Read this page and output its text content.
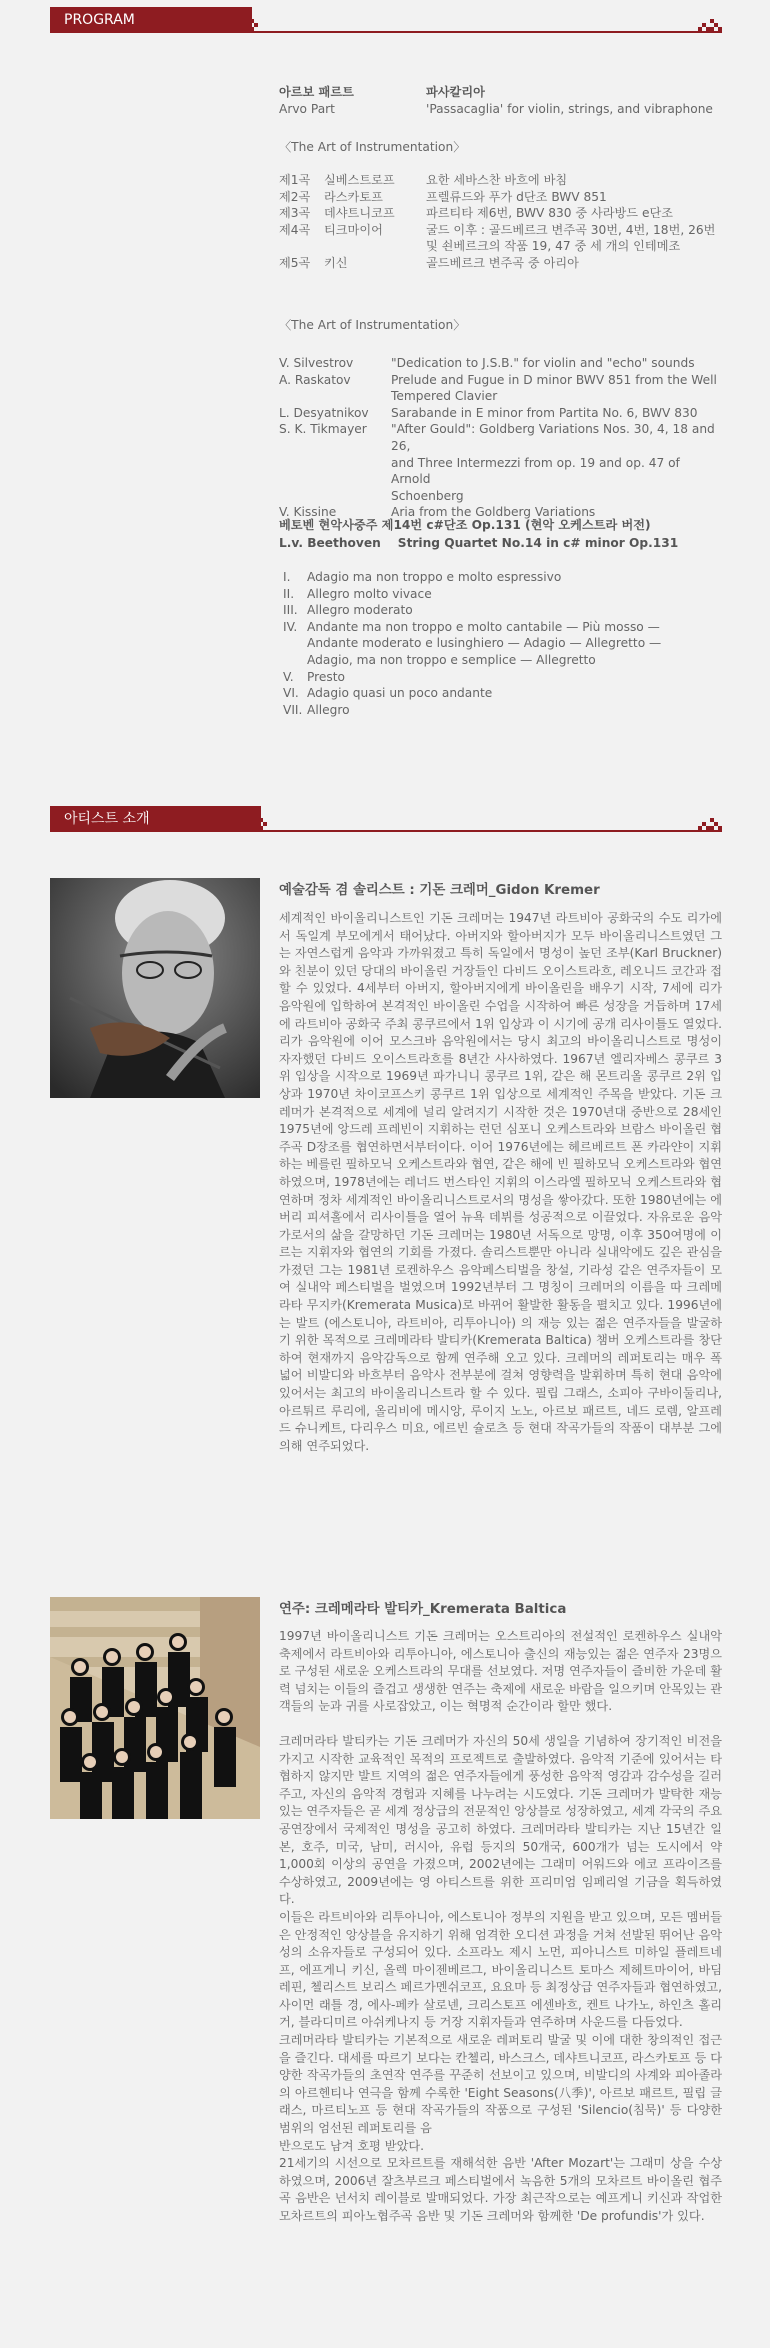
PROGRAM
아르보 패르트	파사칼리아
Arvo Part	'Passacaglia' for violin, strings, and vibraphone
〈The Art of Instrumentation〉
제1곡	실베스트로프	요한 세바스찬 바흐에 바침
제2곡	라스카토프	프렐류드와 푸가 d단조 BWV 851
제3곡	데샤트니코프	파르티타 제6번, BWV 830 중 사라방드 e단조
제4곡	티크마이어	굴드 이후 : 골드베르크 변주곡 30번, 4번, 18번, 26번
및 쇤베르크의 작품 19, 47 중 세 개의 인테메조
제5곡	키신	골드베르크 변주곡 중 아리아
〈The Art of Instrumentation〉
V. Silvestrov	"Dedication to J.S.B." for violin and "echo" sounds
A. Raskatov	Prelude and Fugue in D minor BWV 851 from the Well
Tempered Clavier
L. Desyatnikov	Sarabande in E minor from Partita No. 6, BWV 830
S. K. Tikmayer	"After Gould": Goldberg Variations Nos. 30, 4, 18 and 26,
and Three Intermezzi from op. 19 and op. 47 of Arnold
Schoenberg
V. Kissine	Aria from the Goldberg Variations
베토벤 현악사중주 제14번 c#단조 Op.131 (현악 오케스트라 버전)
L.v. Beethoven String Quartet No.14 in c# minor Op.131
I.	Adagio ma non troppo e molto espressivo
II.	Allegro molto vivace
III. Allegro moderato
IV. Andante ma non troppo e molto cantabile — Più mosso —
Andante moderato e lusinghiero — Adagio — Allegretto —
Adagio, ma non troppo e semplice — Allegretto
V.	Presto
VI. Adagio quasi un poco andante
VII. Allegro
아티스트 소개
예술감독 겸 솔리스트 : 기돈 크레머_Gidon Kremer

세계적인 바이올리니스트인 기돈 크레머는 1947년 라트비아 공화국의 수도 리가에서 독일계 부모에게서 태어났다. 아버지와 할아버지가 모두 바이올리니스트였던 그는 자연스럽게 음악과 가까워졌고 특히 독일에서 명성이 높던 조부(Karl Bruckner)와 친분이 있던 당대의 바이올린 거장들인 다비드 오이스트라흐, 레오니드 코간과 접할 수 있었다. 4세부터 아버지, 할아버지에게 바이올린을 배우기 시작, 7세에 리가 음악원에 입학하여 본격적인 바이올린 수업을 시작하여 빠른 성장을 거듭하며 17세에 라트비아 공화국 주최 콩쿠르에서 1위 입상과 이 시기에 공개 리사이틀도 열었다. 리가 음악원에 이어 모스크바 음악원에서는 당시 최고의 바이올리니스트로 명성이 자자했던 다비드 오이스트라흐를 8년간 사사하였다. 1967년 엘리자베스 콩쿠르 3위 입상을 시작으로 1969년 파가니니 콩쿠르 1위, 같은 해 몬트리올 콩쿠르 2위 입상과 1970년 차이코프스키 콩쿠르 1위 입상으로 세계적인 주목을 받았다. 기돈 크레머가 본격적으로 세계에 널리 알려지기 시작한 것은 1970년대 중반으로 28세인 1975년에 앙드레 프레빈이 지휘하는 런던 심포니 오케스트라와 브람스 바이올린 협주곡 D장조를 협연하면서부터이다. 이어 1976년에는 헤르베르트 폰 카라얀이 지휘하는 베를린 필하모닉 오케스트라와 협연, 같은 해에 빈 필하모닉 오케스트라와 협연하였으며, 1978년에는 레너드 번스타인 지휘의 이스라엘 필하모닉 오케스트라와 협연하며 정차 세계적인 바이올리니스트로서의 명성을 쌓아갔다. 또한 1980년에는 에버리 피셔홀에서 리사이틀을 열어 뉴욕 데뷔를 성공적으로 이끌었다. 자유로운 음악가로서의 삶을 갈망하던 기돈 크레머는 1980년 서독으로 망명, 이후 350여명에 이르는 지휘자와 협연의 기회를 가졌다. 솔리스트뿐만 아니라 실내악에도 깊은 관심을 가졌던 그는 1981년 로켄하우스 음악페스티벌을 창설, 기라성 같은 연주자들이 모여 실내악 페스티벌을 벌였으며 1992년부터 그 명칭이 크레머의 이름을 따 크레메라타 무지카(Kremerata Musica)로 바뀌어 활발한 활동을 펼치고 있다. 1996년에는 발트 (에스토니아, 라트비아, 리투아니아) 의 재능 있는 젊은 연주자들을 발굴하기 위한 목적으로 크레메라타 발티카(Kremerata Baltica) 챔버 오케스트라를 창단하여 현재까지 음악감독으로 함께 연주해 오고 있다. 크레머의 레퍼토리는 매우 폭 넓어 비발디와 바흐부터 음악사 전부분에 걸쳐 영향력을 발휘하며 특히 현대 음악에 있어서는 최고의 바이올리니스트라 할 수 있다. 필립 그래스, 소피아 구바이둘리나, 아르튀르 루리에, 올리비에 메시앙, 루이지 노노, 아르보 패르트, 네드 로렘, 알프레드 슈니케트, 다리우스 미요, 에르빈 슐로츠 등 현대 작곡가들의 작품이 대부분 그에 의해 연주되었다.

연주: 크레메라타 발티카_Kremerata Baltica

1997년 바이올리니스트 기돈 크레머는 오스트리아의 전설적인 로켄하우스 실내악 축제에서 라트비아와 리투아니아, 에스토니아 출신의 재능있는 젊은 연주자 23명으로 구성된 새로운 오케스트라의 무대를 선보였다. 저명 연주자들이 즐비한 가운데 활력 넘치는 이들의 즐겁고 생생한 연주는 축제에 새로운 바람을 일으키며 안목있는 관객들의 눈과 귀를 사로잡았고, 이는 혁명적 순간이라 할만 했다.

크레머라타 발티카는 기돈 크레머가 자신의 50세 생일을 기념하여 장기적인 비전을 가지고 시작한 교육적인 목적의 프로젝트로 출발하였다. 음악적 기준에 있어서는 타협하지 않지만 발트 지역의 젊은 연주자들에게 풍성한 음악적 영감과 감수성을 길러주고, 자신의 음악적 경험과 지혜를 나누려는 시도였다. 기돈 크레머가 발탁한 재능있는 연주자들은 곧 세계 정상급의 전문적인 앙상블로 성장하였고, 세계 각국의 주요 공연장에서 국제적인 명성을 공고히 하였다. 크레머라타 발티카는 지난 15년간 일본, 호주, 미국, 남미, 러시아, 유럽 등지의 50개국, 600개가 넘는 도시에서 약 1,000회 이상의 공연을 가졌으며, 2002년에는 그래미 어워드와 에코 프라이즈를 수상하였고, 2009년에는 영 아티스트를 위한 프리미엄 임페리얼 기금을 획득하였다.

이들은 라트비아와 리투아니아, 에스토니아 정부의 지원을 받고 있으며, 모든 멤버들은 안정적인 앙상블을 유지하기 위해 엄격한 오디션 과정을 거쳐 선발된 뛰어난 음악성의 소유자들로 구성되어 있다. 소프라노 제시 노먼, 피아니스트 미하일 플레트네프, 에프게니 키신, 올렉 마이젠베르그, 바이올리니스트 토마스 제헤트마이어, 바딤 레핀, 첼리스트 보리스 페르가멘쉬코프, 요요마 등 최정상급 연주자들과 협연하였고, 사이먼 래틀 경, 에사-페카 살로넨, 크리스토프 에센바흐, 켄트 나가노, 하인츠 홀리거, 블라디미르 아쉬케나지 등 거장 지휘자들과 연주하며 사운드를 다듬었다.

크레머라타 발티카는 기본적으로 새로운 레퍼토리 발굴 및 이에 대한 창의적인 접근을 즐긴다. 대세를 따르기 보다는 칸첼리, 바스크스, 데샤트니코프, 라스카토프 등 다양한 작곡가들의 초연작 연주를 꾸준히 선보이고 있으며, 비발디의 사계와 피아졸라의 아르헨티나 연극을 함께 수록한 'Eight Seasons(八季)', 아르보 패르트, 필립 글래스, 마르티노프 등 현대 작곡가들의 작품으로 구성된 'Silencio(침묵)' 등 다양한 범위의 엄선된 레퍼토리를 음

반으로도 남겨 호평 받았다.

21세기의 시선으로 모차르트를 재해석한 음반 'After Mozart'는 그래미 상을 수상하였으며, 2006년 잘츠부르크 페스티벌에서 녹음한 5개의 모차르트 바이올린 협주곡 음반은 넌서치 레이블로 발매되었다. 가장 최근작으로는 예프게니 키신과 작업한 모차르트의 피아노협주곡 음반 및 기돈 크레머와 함께한 'De profundis'가 있다.
